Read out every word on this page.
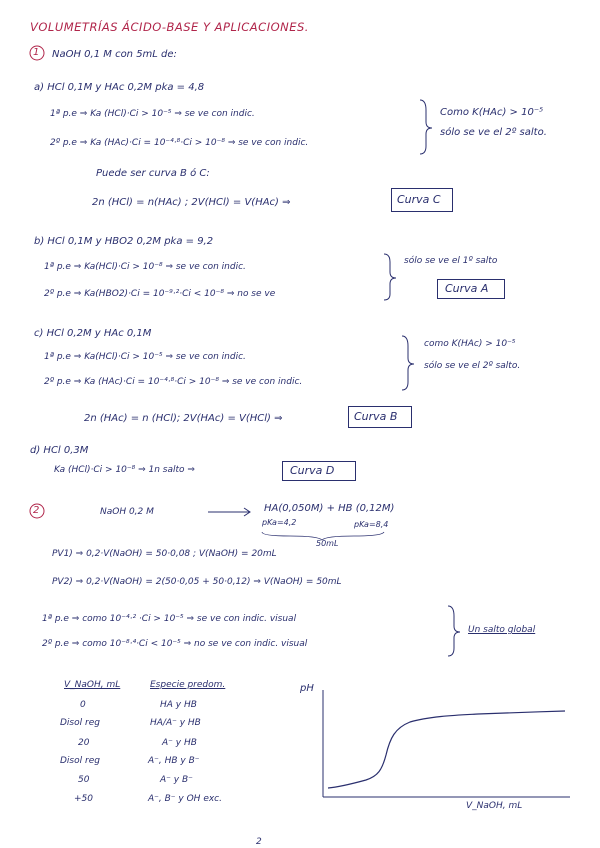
VOLUMETRÍAS ÁCIDO-BASE Y APLICACIONES.
1 NaOH 0,1 M con 5mL de:
a) HCl 0,1M y HAc 0,2M pka = 4,8
1ª p.e ⇒ Ka (HCl)·Ci > 10⁻⁵ ⇒ se ve con indic.
2º p.e ⇒ Ka (HAc)·Ci = 10⁻⁴·⁸·Ci > 10⁻⁸ ⇒ se ve con indic.
Como K(HAc) > 10⁻⁵
sólo se ve el 2º salto.
Puede ser curva B ó C:
2n (HCl) = n(HAc) ; 2V(HCl) = V(HAc) ⇒	Curva C
b) HCl 0,1M y HBO2 0,2M pka = 9,2
1ª p.e ⇒ Ka(HCl)·Ci > 10⁻⁸ ⇒ se ve con indic.
2º p.e ⇒ Ka(HBO2)·Ci = 10⁻⁹·²·Ci < 10⁻⁸ ⇒ no se ve
sólo se ve el 1º salto
Curva A
c) HCl 0,2M y HAc 0,1M
1ª p.e ⇒ Ka(HCl)·Ci > 10⁻⁵ ⇒ se ve con indic.
2º p.e ⇒ Ka (HAc)·Ci = 10⁻⁴·⁸·Ci > 10⁻⁸ ⇒ se ve con indic.
como K(HAc) > 10⁻⁵
sólo se ve el 2º salto.
2n (HAc) = n (HCl); 2V(HAc) = V(HCl) ⇒	Curva B
d) HCl 0,3M
Ka (HCl)·Ci > 10⁻⁸ ⇒ 1n salto ⇒	Curva D
2	NaOH 0,2 M	HA(0,050M) + HB (0,12M)
pKa=4,2	pKa=8,4
50mL
PV1) ⇒ 0,2·V(NaOH) = 50·0,08 ; V(NaOH) = 20mL
PV2) ⇒ 0,2·V(NaOH) = 2(50·0,05 + 50·0,12) ⇒ V(NaOH) = 50mL
1ª p.e ⇒ como 10⁻⁴·² ·Ci > 10⁻⁵ ⇒ se ve con indic. visual
2º p.e ⇒ como 10⁻⁸·⁴·Ci < 10⁻⁵ ⇒ no se ve con indic. visual
Un salto global
V_NaOH, mL	Especie predom.
0	HA y HB
Disol reg	HA/A⁻ y HB
20	A⁻ y HB
Disol reg	A⁻, HB y B⁻
50	A⁻ y B⁻
+50	A⁻, B⁻ y OH exc.
pH
V_NaOH, mL
2
